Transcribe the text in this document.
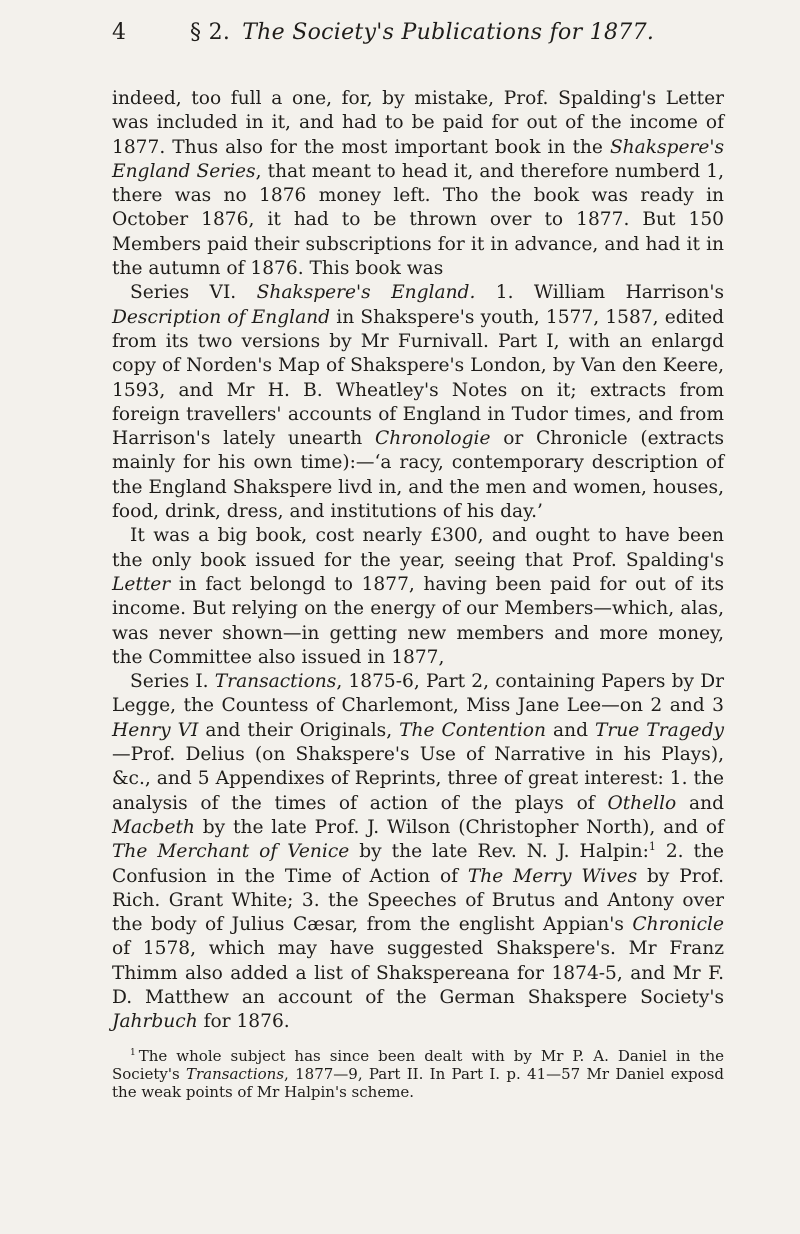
4	§ 2. The Society's Publications for 1877.

indeed, too full a one, for, by mistake, Prof. Spalding's Letter was included in it, and had to be paid for out of the income of 1877. Thus also for the most important book in the Shakspere's England Series, that meant to head it, and therefore numberd 1, there was no 1876 money left. Tho the book was ready in October 1876, it had to be thrown over to 1877. But 150 Members paid their subscriptions for it in advance, and had it in the autumn of 1876. This book was

Series VI. Shakspere's England. 1. William Harrison's Description of England in Shakspere's youth, 1577, 1587, edited from its two versions by Mr Furnivall. Part I, with an enlargd copy of Norden's Map of Shakspere's London, by Van den Keere, 1593, and Mr H. B. Wheatley's Notes on it; extracts from foreign travellers' accounts of England in Tudor times, and from Harrison's lately unearth Chronologie or Chronicle (extracts mainly for his own time):—‘a racy, contemporary description of the England Shakspere livd in, and the men and women, houses, food, drink, dress, and institutions of his day.’

It was a big book, cost nearly £300, and ought to have been the only book issued for the year, seeing that Prof. Spalding's Letter in fact belongd to 1877, having been paid for out of its income. But relying on the energy of our Members—which, alas, was never shown—in getting new members and more money, the Committee also issued in 1877,

Series I. Transactions, 1875-6, Part 2, containing Papers by Dr Legge, the Countess of Charlemont, Miss Jane Lee—on 2 and 3 Henry VI and their Originals, The Contention and True Tragedy—Prof. Delius (on Shakspere's Use of Narrative in his Plays), &c., and 5 Appendixes of Reprints, three of great interest: 1. the analysis of the times of action of the plays of Othello and Macbeth by the late Prof. J. Wilson (Christopher North), and of The Merchant of Venice by the late Rev. N. J. Halpin:$^1$ 2. the Confusion in the Time of Action of The Merry Wives by Prof. Rich. Grant White; 3. the Speeches of Brutus and Antony over the body of Julius Cæsar, from the englisht Appian's Chronicle of 1578, which may have suggested Shakspere's. Mr Franz Thimm also added a list of Shakspereana for 1874-5, and Mr F. D. Matthew an account of the German Shakspere Society's Jahrbuch for 1876.

$^1$ The whole subject has since been dealt with by Mr P. A. Daniel in the Society's Transactions, 1877—9, Part II. In Part I. p. 41—57 Mr Daniel exposd the weak points of Mr Halpin's scheme.
